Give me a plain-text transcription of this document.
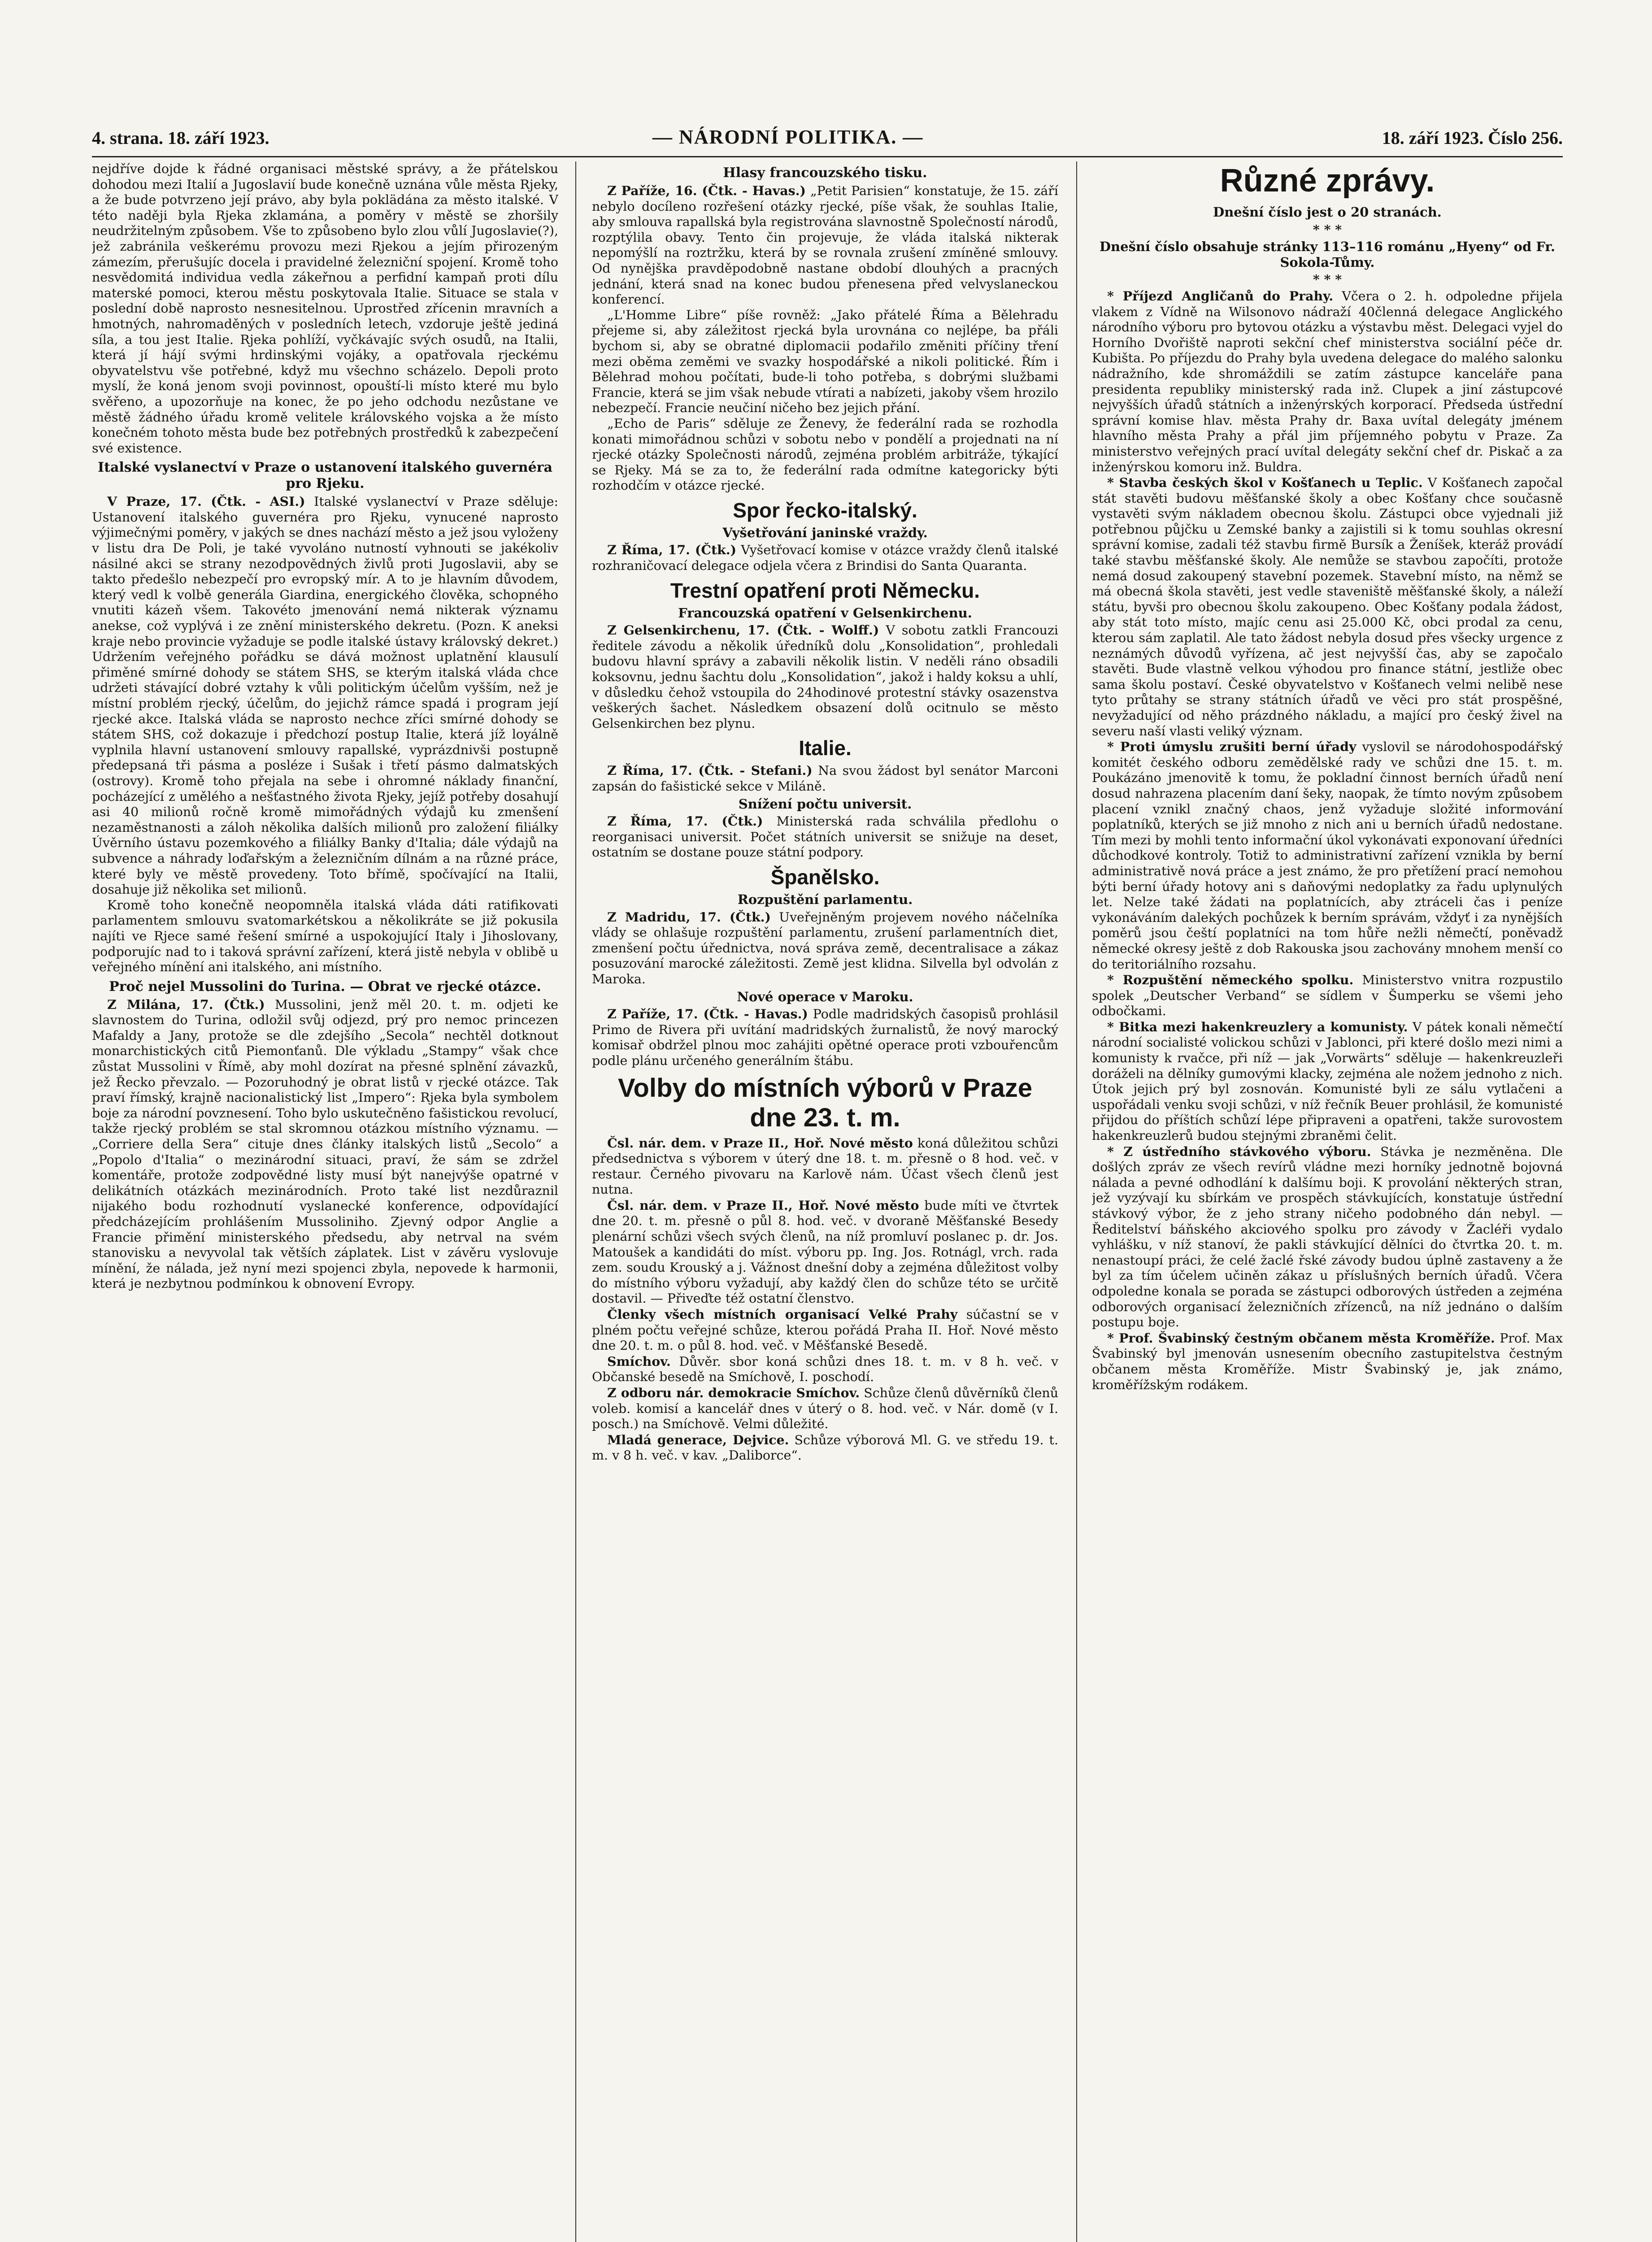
4. strana. 18. září 1923.	— NÁRODNÍ POLITIKA. —	18. září 1923. Číslo 256.

nejdříve dojde k řádné organisaci městské správy, a že přátelskou dohodou mezi Italií a Jugoslavií bude konečně uznána vůle města Rjeky, a že bude potvrzeno její právo, aby byla poklädána za město italské. V této naději byla Rjeka zklamána, a poměry v městě se zhoršily neudržitelným způsobem. Vše to způsobeno bylo zlou vůlí Jugoslavie(?), jež zabránila veškerému provozu mezi Rjekou a jejím přirozeným zámezím, přerušujíc docela i pravidelné železniční spojení. Kromě toho nesvědomitá individua vedla zákeřnou a perfidní kampaň proti dílu materské pomoci, kterou městu poskytovala Italie. Situace se stala v poslední době naprosto nesnesitelnou. Uprostřed zřícenin mravních a hmotných, nahromaděných v posledních letech, vzdoruje ještě jediná síla, a tou jest Italie. Rjeka pohlíží, vyčkávajíc svých osudů, na Italii, která jí hájí svými hrdinskými vojáky, a opatřovala rjeckému obyvatelstvu vše potřebné, když mu všechno scházelo. Depoli proto myslí, že koná jenom svoji povinnost, opouští-li místo které mu bylo svěřeno, a upozorňuje na konec, že po jeho odchodu nezůstane ve městě žádného úřadu kromě velitele královského vojska a že místo konečném tohoto města bude bez potřebných prostředků k zabezpečení své existence.

Italské vyslanectví v Praze o ustanovení italského guvernéra pro Rjeku.

V Praze, 17. (Čtk. - ASI.) Italské vyslanectví v Praze sděluje: Ustanovení italského guvernéra pro Rjeku, vynucené naprosto výjimečnými poměry, v jakých se dnes nachází město a jež jsou vyloženy v listu dra De Poli, je také vyvoláno nutností vyhnouti se jakékoliv násilné akci se strany nezodpovědných živlů proti Jugoslavii, aby se takto předešlo nebezpečí pro evropský mír. A to je hlavním důvodem, který vedl k volbě generála Giardina, energického člověka, schopného vnutiti kázeň všem. Takovéto jmenování nemá nikterak významu anekse, což vyplývá i ze znění ministerského dekretu. (Pozn. K aneksi kraje nebo provincie vyžaduje se podle italské ústavy královský dekret.) Udržením veřejného pořádku se dává možnost uplatnění klausulí přiměné smírné dohody se státem SHS, se kterým italská vláda chce udržeti stávající dobré vztahy k vůli politickým účelům vyšším, než je místní problém rjecký, účelům, do jejichž rámce spadá i program její rjecké akce. Italská vláda se naprosto nechce zříci smírné dohody se státem SHS, což dokazuje i předchozí postup Italie, která jíž loyálně vyplnila hlavní ustanovení smlouvy rapallské, vyprázdnivši postupně předepsaná tři pásma a posléze i Sušak i třetí pásmo dalmatských (ostrovy). Kromě toho přejala na sebe i ohromné náklady finanční, pocházející z umělého a nešťastného života Rjeky, jejíž potřeby dosahují asi 40 milionů ročně kromě mimořádných výdajů ku zmenšení nezaměstnanosti a záloh několika dalších milionů pro založení filiálky Úvěrního ústavu pozemkového a filiálky Banky d'Italia; dále výdajů na subvence a náhrady loďařským a železničním dílnám a na různé práce, které byly ve městě provedeny. Toto břímě, spočívající na Italii, dosahuje již několika set milionů.

Kromě toho konečně neopomněla italská vláda dáti ratifikovati parlamentem smlouvu svatomarkétskou a několikráte se již pokusila najíti ve Rjece samé řešení smírné a uspokojující Italy i Jihoslovany, podporujíc nad to i taková správní zařízení, která jistě nebyla v oblibě u veřejného mínění ani italského, ani místního.

Proč nejel Mussolini do Turina. — Obrat ve rjecké otázce.

Z Milána, 17. (Čtk.) Mussolini, jenž měl 20. t. m. odjeti ke slavnostem do Turina, odložil svůj odjezd, prý pro nemoc princezen Mafaldy a Jany, protože se dle zdejšího „Secola“ nechtěl dotknout monarchistických citů Piemonťanů. Dle výkladu „Stampy“ však chce zůstat Mussolini v Římě, aby mohl dozírat na přesné splnění závazků, jež Řecko převzalo. — Pozoruhodný je obrat listů v rjecké otázce. Tak praví římský, krajně nacionalistický list „Impero“: Rjeka byla symbolem boje za národní povznesení. Toho bylo uskutečněno fašistickou revolucí, takže rjecký problém se stal skromnou otázkou místního významu. — „Corriere della Sera“ cituje dnes články italských listů „Secolo“ a „Popolo d'Italia“ o mezinárodní situaci, praví, že sám se zdržel komentáře, protože zodpovědné listy musí být nanejvýše opatrné v delikátních otázkách mezinárodních. Proto také list nezdůraznil nijakého bodu rozhodnutí vyslanecké konference, odpovídající předcházejícím prohlášením Mussoliniho. Zjevný odpor Anglie a Francie přimění ministerského předsedu, aby netrval na svém stanovisku a nevyvolal tak větších záplatek. List v závěru vyslovuje mínění, že nálada, jež nyní mezi spojenci zbyla, nepovede k harmonii, která je nezbytnou podmínkou k obnovení Evropy.

Hlasy francouzského tisku.

Z Paříže, 16. (Čtk. - Havas.) „Petit Parisien“ konstatuje, že 15. září nebylo docíleno rozřešení otázky rjecké, píše však, že souhlas Italie, aby smlouva rapallská byla registrována slavnostně Společností národů, rozptýlila obavy. Tento čin projevuje, že vláda italská nikterak nepomýšlí na roztržku, která by se rovnala zrušení zmíněné smlouvy. Od nynějška pravděpodobně nastane období dlouhých a pracných jednání, která snad na konec budou přenesena před velvyslaneckou konferencí.

„L'Homme Libre“ píše rovněž: „Jako přátelé Říma a Bělehradu přejeme si, aby záležitost rjecká byla urovnána co nejlépe, ba přáli bychom si, aby se obratné diplomacii podařilo změniti příčiny tření mezi oběma zeměmi ve svazky hospodářské a nikoli politické. Řím i Bělehrad mohou počítati, bude-li toho potřeba, s dobrými službami Francie, která se jim však nebude vtírati a nabízeti, jakoby všem hrozilo nebezpečí. Francie neučiní ničeho bez jejich přání.

„Echo de Paris“ sděluje ze Ženevy, že federální rada se rozhodla konati mimořádnou schůzi v sobotu nebo v pondělí a projednati na ní rjecké otázky Společnosti národů, zejména problém arbitráže, týkající se Rjeky. Má se za to, že federální rada odmítne kategoricky býti rozhodčím v otázce rjecké.

Spor řecko-italský.
Vyšetřování janinské vraždy.

Z Říma, 17. (Čtk.) Vyšetřovací komise v otázce vraždy členů italské rozhraničovací delegace odjela včera z Brindisi do Santa Quaranta.

Trestní opatření proti Německu.
Francouzská opatření v Gelsenkirchenu.

Z Gelsenkirchenu, 17. (Čtk. - Wolff.) V sobotu zatkli Francouzi ředitele závodu a několik úředníků dolu „Konsolidation“, prohledali budovu hlavní správy a zabavili několik listin. V neděli ráno obsadili koksovnu, jednu šachtu dolu „Konsolidation“, jakož i haldy koksu a uhlí, v důsledku čehož vstoupila do 24hodinové protestní stávky osazenstva veškerých šachet. Následkem obsazení dolů ocitnulo se město Gelsenkirchen bez plynu.

Italie.

Z Říma, 17. (Čtk. - Stefani.) Na svou žádost byl senátor Marconi zapsán do fašistické sekce v Miláně.

Snížení počtu universit.

Z Říma, 17. (Čtk.) Ministerská rada schválila předlohu o reorganisaci universit. Počet státních universit se snižuje na deset, ostatním se dostane pouze státní podpory.

Španělsko.
Rozpuštění parlamentu.

Z Madridu, 17. (Čtk.) Uveřejněným projevem nového náčelníka vlády se ohlašuje rozpuštění parlamentu, zrušení parlamentních diet, zmenšení počtu úřednictva, nová správa země, decentralisace a zákaz posuzování marocké záležitosti. Země jest klidna. Silvella byl odvolán z Maroka.

Nové operace v Maroku.

Z Paříže, 17. (Čtk. - Havas.) Podle madridských časopisů prohlásil Primo de Rivera při uvítání madridských žurnalistů, že nový marocký komisař obdržel plnou moc zahájiti opětné operace proti vzbouřencům podle plánu určeného generálním štábu.

Volby do místních výborů v Praze dne 23. t. m.

Čsl. nár. dem. v Praze II., Hoř. Nové město koná důležitou schůzi předsednictva s výborem v úterý dne 18. t. m. přesně o 8 hod. več. v restaur. Černého pivovaru na Karlově nám. Účast všech členů jest nutna.

Čsl. nár. dem. v Praze II., Hoř. Nové město bude míti ve čtvrtek dne 20. t. m. přesně o půl 8. hod. več. v dvoraně Měšťanské Besedy plenární schůzi všech svých členů, na níž promluví poslanec p. dr. Jos. Matoušek a kandidáti do míst. výboru pp. Ing. Jos. Rotnágl, vrch. rada zem. soudu Krouský a j. Vážnost dnešní doby a zejména důležitost volby do místního výboru vyžadují, aby každý člen do schůze této se určitě dostavil. — Přiveďte též ostatní členstvo.

Členky všech místních organisací Velké Prahy súčastní se v plném počtu veřejné schůze, kterou pořádá Praha II. Hoř. Nové město dne 20. t. m. o půl 8. hod. več. v Měšťanské Besedě.

Smíchov. Důvěr. sbor koná schůzi dnes 18. t. m. v 8 h. več. v Občanské besedě na Smíchově, I. poschodí.

Z odboru nár. demokracie Smíchov. Schůze členů důvěrníků členů voleb. komisí a kancelář dnes v úterý o 8. hod. več. v Nár. domě (v I. posch.) na Smíchově. Velmi důležité.

Mladá generace, Dejvice. Schůze výborová Ml. G. ve středu 19. t. m. v 8 h. več. v kav. „Daliborce“.

Různé zprávy.
Dnešní číslo jest o 20 stranách.
* * *
Dnešní číslo obsahuje stránky 113–116 románu „Hyeny“ od Fr. Sokola-Tůmy.
* * *

* Příjezd Angličanů do Prahy. Včera o 2. h. odpoledne přijela vlakem z Vídně na Wilsonovo nádraží 40členná delegace Anglického národního výboru pro bytovou otázku a výstavbu měst. Delegaci vyjel do Horního Dvořiště naproti sekční chef ministerstva sociální péče dr. Kubišta. Po příjezdu do Prahy byla uvedena delegace do malého salonku nádražního, kde shromáždili se zatím zástupce kanceláře pana presidenta republiky ministerský rada inž. Clupek a jiní zástupcové nejvyšších úřadů státních a inženýrských korporací. Předseda ústřední správní komise hlav. města Prahy dr. Baxa uvítal delegáty jménem hlavního města Prahy a přál jim příjemného pobytu v Praze. Za ministerstvo veřejných prací uvítal delegáty sekční chef dr. Piskač a za inženýrskou komoru inž. Buldra.

* Stavba českých škol v Košťanech u Teplic. V Košťanech započal stát stavěti budovu měšťanské školy a obec Košťany chce současně vystavěti svým nákladem obecnou školu. Zástupci obce vyjednali již potřebnou půjčku u Zemské banky a zajistili si k tomu souhlas okresní správní komise, zadali též stavbu firmě Bursík a Ženíšek, kteráž provádí také stavbu měšťanské školy. Ale nemůže se stavbou započíti, protože nemá dosud zakoupený stavební pozemek. Stavební místo, na němž se má obecná škola stavěti, jest vedle staveniště měšťanské školy, a náleží státu, byvši pro obecnou školu zakoupeno. Obec Košťany podala žádost, aby stát toto místo, majíc cenu asi 25.000 Kč, obci prodal za cenu, kterou sám zaplatil. Ale tato žádost nebyla dosud přes všecky urgence z neznámých důvodů vyřízena, ač jest nejvyšší čas, aby se započalo stavěti. Bude vlastně velkou výhodou pro finance státní, jestliže obec sama školu postaví. České obyvatelstvo v Košťanech velmi nelibě nese tyto průtahy se strany státních úřadů ve věci pro stát prospěšné, nevyžadující od něho prázdného nákladu, a mající pro český živel na severu naší vlasti veliký význam.

* Proti úmyslu zrušiti berní úřady vyslovil se národohospodářský komitét českého odboru zemědělské rady ve schůzi dne 15. t. m. Poukázáno jmenovitě k tomu, že pokladní činnost berních úřadů není dosud nahrazena placením daní šeky, naopak, že tímto novým způsobem placení vznikl značný chaos, jenž vyžaduje složité informování poplatníků, kterých se již mnoho z nich ani u berních úřadů nedostane. Tím mezi by mohli tento informační úkol vykonávati exponovaní úředníci důchodkové kontroly. Totiž to administrativní zařízení vznikla by berní administrativě nová práce a jest známo, že pro přetížení prací nemohou býti berní úřady hotovy ani s daňovými nedoplatky za řadu uplynulých let. Nelze také žádati na poplatnících, aby ztráceli čas i peníze vykonáváním dalekých pochůzek k berním správám, vždyť i za nynějších poměrů jsou čeští poplatníci na tom hůře nežli němečtí, poněvadž německé okresy ještě z dob Rakouska jsou zachovány mnohem menší co do teritoriálního rozsahu.

* Rozpuštění německého spolku. Ministerstvo vnitra rozpustilo spolek „Deutscher Verband“ se sídlem v Šumperku se všemi jeho odbočkami.

* Bitka mezi hakenkreuzlery a komunisty. V pátek konali němečtí národní socialisté volickou schůzi v Jablonci, při které došlo mezi nimi a komunisty k rvačce, při níž — jak „Vorwärts“ sděluje — hakenkreuzleři doráželi na dělníky gumovými klacky, zejména ale nožem jednoho z nich. Útok jejich prý byl zosnován. Komunisté byli ze sálu vytlačeni a uspořádali venku svoji schůzi, v níž řečník Beuer prohlásil, že komunisté přijdou do příštích schůzí lépe připraveni a opatřeni, takže surovostem hakenkreuzlerů budou stejnými zbraněmi čelit.

* Z ústředního stávkového výboru. Stávka je nezměněna. Dle došlých zpráv ze všech revírů vládne mezi horníky jednotně bojovná nálada a pevné odhodlání k dalšímu boji. K provolání některých stran, jež vyzývají ku sbírkám ve prospěch stávkujících, konstatuje ústřední stávkový výbor, že z jeho strany ničeho podobného dán nebyl. — Ředitelství báňského akciového spolku pro závody v Žacléři vydalo vyhlášku, v níž stanoví, že pakli stávkující dělníci do čtvrtka 20. t. m. nenastoupí práci, že celé žaclé řské závody budou úplně zastaveny a že byl za tím účelem učiněn zákaz u příslušných berních úřadů. Včera odpoledne konala se porada se zástupci odborových ústředen a zejména odborových organisací železničních zřízenců, na níž jednáno o dalším postupu boje.

* Prof. Švabinský čestným občanem města Kroměříže. Prof. Max Švabinský byl jmenován usnesením obecního zastupitelstva čestným občanem města Kroměříže. Mistr Švabinský je, jak známo, kroměřížským rodákem.
